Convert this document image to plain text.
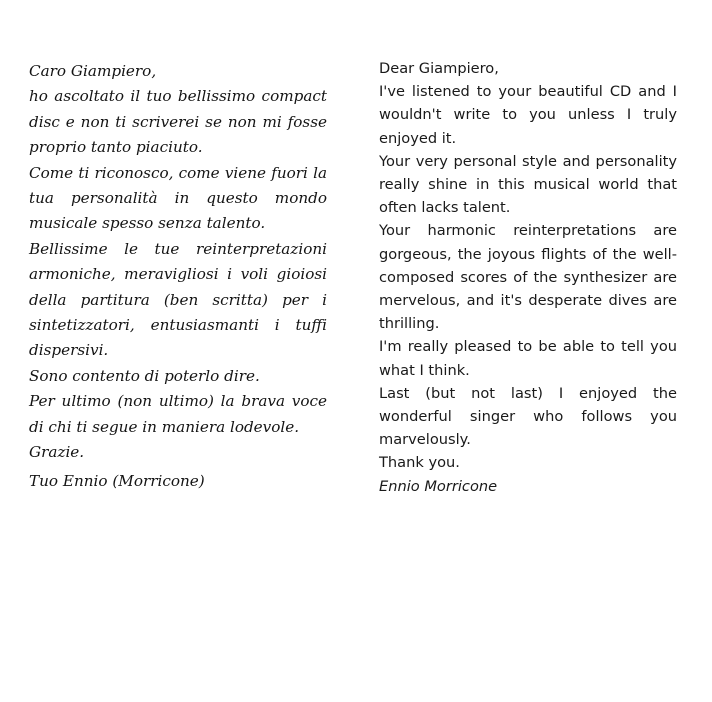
Caro Giampiero,

ho ascoltato il tuo bellissimo compact disc e non ti scriverei se non mi fosse proprio tanto piaciuto.

Come ti riconosco, come viene fuori la tua personalità in questo mondo musicale spesso senza talento.

Bellissime le tue reinterpretazioni armoniche, meravigliosi i voli gioiosi della partitura (ben scritta) per i sintetizzatori, entusiasmanti i tuffi dispersivi.

Sono contento di poterlo dire.

Per ultimo (non ultimo) la brava voce di chi ti segue in maniera lodevole.

Grazie.

Tuo Ennio (Morricone)

Dear Giampiero,

I've listened to your beautiful CD and I wouldn't write to you unless I truly enjoyed it.

Your very personal style and personality really shine in this musical world that often lacks talent.

Your harmonic reinterpretations are gorgeous, the joyous flights of the well-composed scores of the synthesizer are mervelous, and it's desperate dives are thrilling.

I'm really pleased to be able to tell you what I think.

Last (but not last) I enjoyed the wonderful singer who follows you marvelously.

Thank you.

Ennio Morricone
